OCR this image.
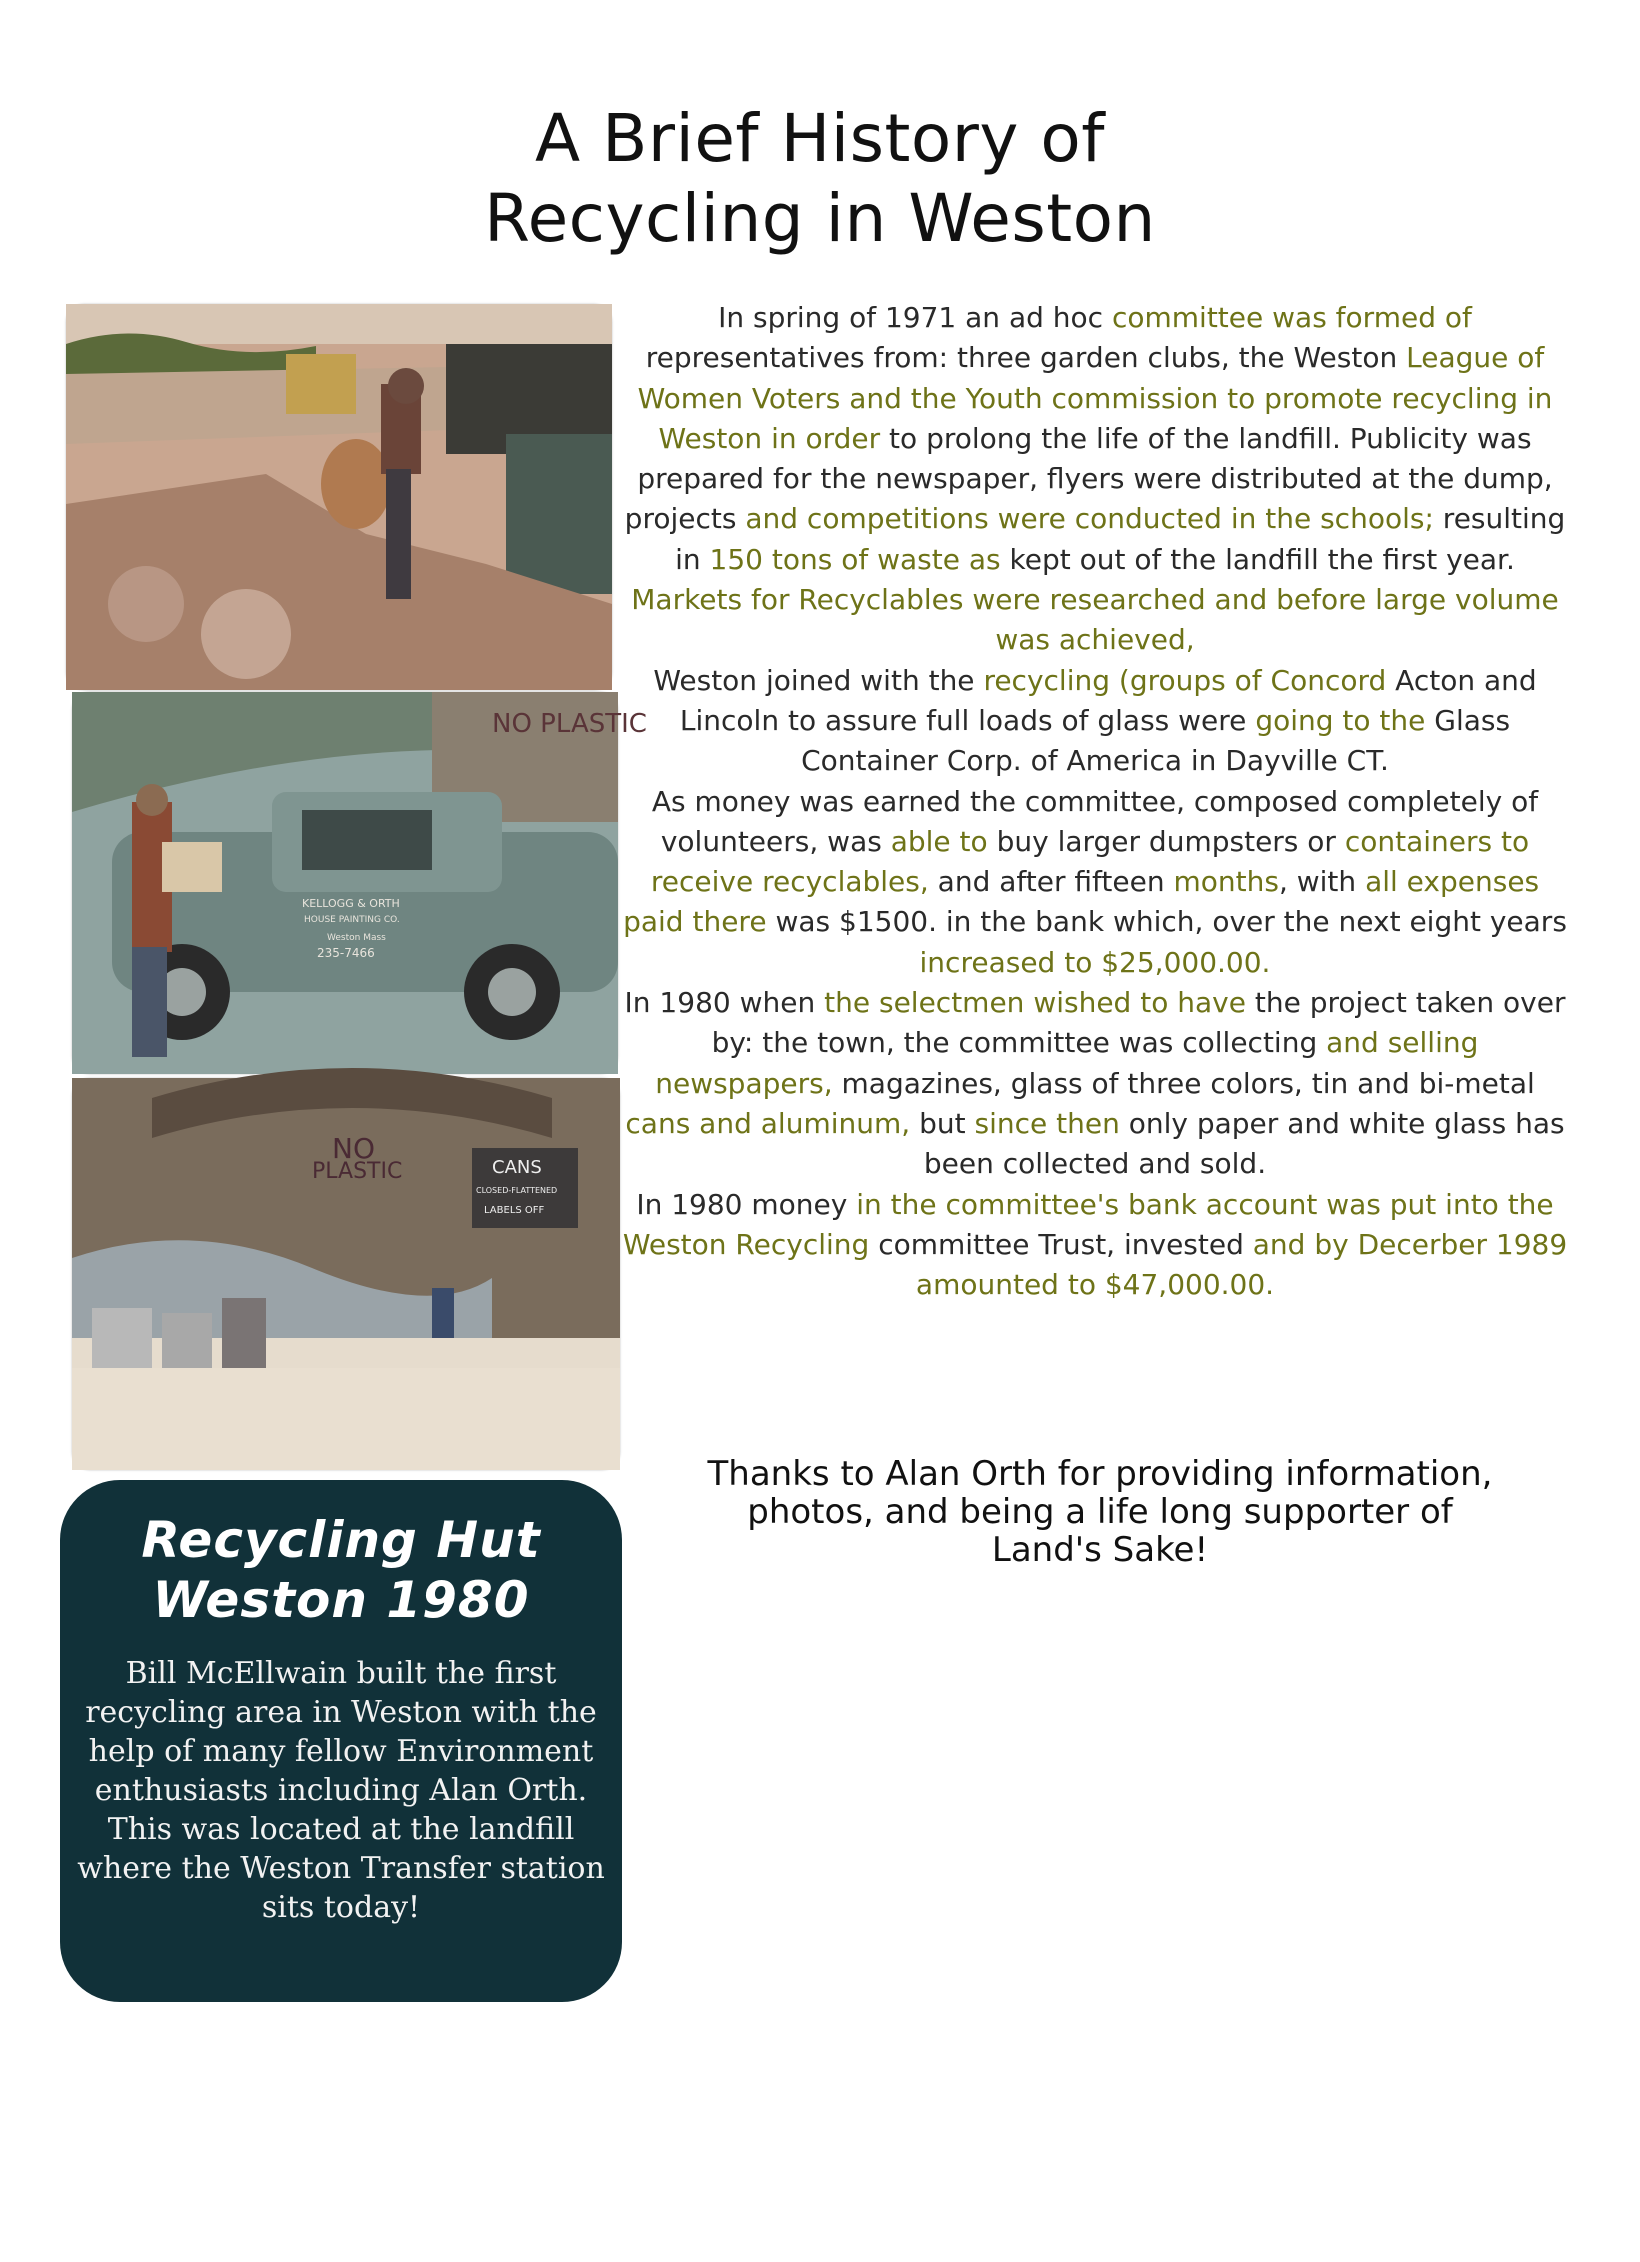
A Brief History of
Recycling in Weston
NO PLASTIC
KELLOGG & ORTH
HOUSE PAINTING CO.
Weston Mass
235-7466
NO
PLASTIC	CANS
CLOSED-FLATTENED
LABELS OFF

In spring of 1971 an ad hoc committee was formed of representatives from: three garden clubs, the Weston League of Women Voters and the Youth commission to promote recycling in Weston in order to prolong the life of the landfill. Publicity was prepared for the newspaper, flyers were distributed at the dump, projects and competitions were conducted in the schools; resulting in 150 tons of waste as kept out of the landfill the first year. Markets for Recyclables were researched and before large volume was achieved,

Weston joined with the recycling (groups of Concord Acton and Lincoln to assure full loads of glass were going to the Glass Container Corp. of America in Dayville CT.

As money was earned the committee, composed completely of volunteers, was able to buy larger dumpsters or containers to receive recyclables, and after fifteen months, with all expenses paid there was $1500. in the bank which, over the next eight years increased to $25,000.00.

In 1980 when the selectmen wished to have the project taken over by: the town, the committee was collecting and selling newspapers, magazines, glass of three colors, tin and bi-metal cans and aluminum, but since then only paper and white glass has been collected and sold.

In 1980 money in the committee's bank account was put into the Weston Recycling committee Trust, invested and by Decerber 1989 amounted to $47,000.00.

Thanks to Alan Orth for providing information,
photos, and being a life long supporter of
Land's Sake!
Recycling Hut
Weston 1980
Bill McEllwain built the first recycling area in Weston with the help of many fellow Environment enthusiasts including Alan Orth. This was located at the landfill where the Weston Transfer station sits today!
